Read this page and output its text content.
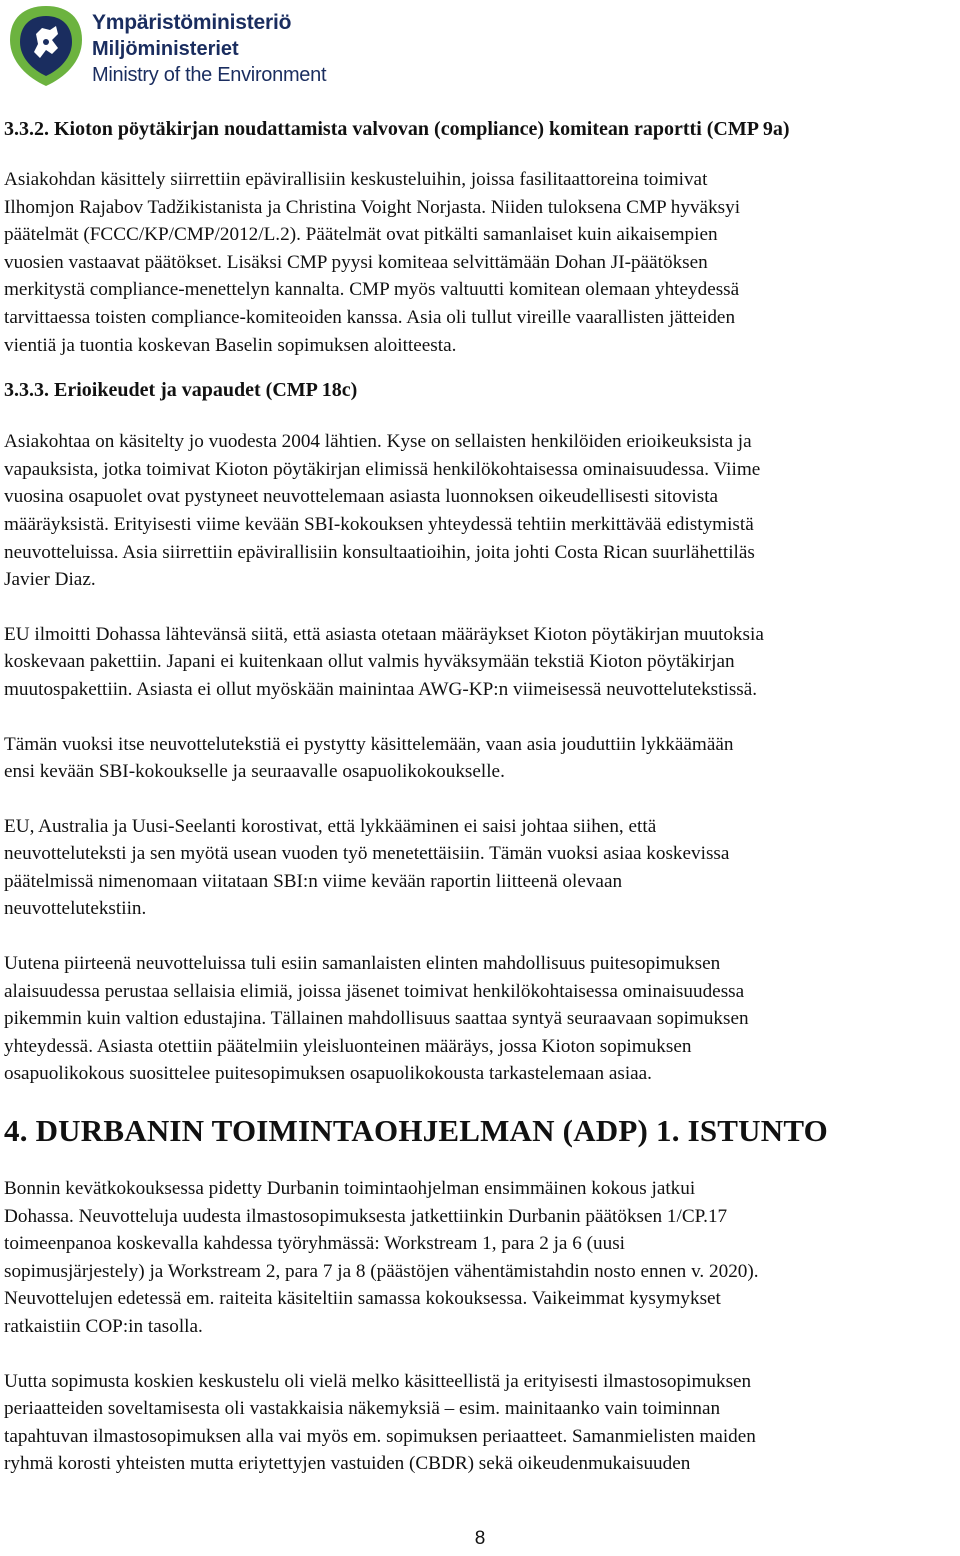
Ympäristöministeriö
Miljöministeriet
Ministry of the Environment
3.3.2. Kioton pöytäkirjan noudattamista valvovan (compliance) komitean raportti (CMP 9a)
Asiakohdan käsittely siirrettiin epävirallisiin keskusteluihin, joissa fasilitaattoreina toimivat
Ilhomjon Rajabov Tadžikistanista ja Christina Voight Norjasta. Niiden tuloksena CMP hyväksyi
päätelmät (FCCC/KP/CMP/2012/L.2). Päätelmät ovat pitkälti samanlaiset kuin aikaisempien
vuosien vastaavat päätökset. Lisäksi CMP pyysi komiteaa selvittämään Dohan JI-päätöksen
merkitystä compliance-menettelyn kannalta. CMP myös valtuutti komitean olemaan yhteydessä
tarvittaessa toisten compliance-komiteoiden kanssa. Asia oli tullut vireille vaarallisten jätteiden
vientiä ja tuontia koskevan Baselin sopimuksen aloitteesta.
3.3.3. Erioikeudet ja vapaudet (CMP 18c)
Asiakohtaa on käsitelty jo vuodesta 2004 lähtien. Kyse on sellaisten henkilöiden erioikeuksista ja
vapauksista, jotka toimivat Kioton pöytäkirjan elimissä henkilökohtaisessa ominaisuudessa. Viime
vuosina osapuolet ovat pystyneet neuvottelemaan asiasta luonnoksen oikeudellisesti sitovista
määräyksistä. Erityisesti viime kevään SBI-kokouksen yhteydessä tehtiin merkittävää edistymistä
neuvotteluissa. Asia siirrettiin epävirallisiin konsultaatioihin, joita johti Costa Rican suurlähettiläs
Javier Diaz.
EU ilmoitti Dohassa lähtevänsä siitä, että asiasta otetaan määräykset Kioton pöytäkirjan muutoksia
koskevaan pakettiin. Japani ei kuitenkaan ollut valmis hyväksymään tekstiä Kioton pöytäkirjan
muutospakettiin. Asiasta ei ollut myöskään mainintaa AWG-KP:n viimeisessä neuvottelutekstissä.
Tämän vuoksi itse neuvottelutekstiä ei pystytty käsittelemään, vaan asia jouduttiin lykkäämään
ensi kevään SBI-kokoukselle ja seuraavalle osapuolikokoukselle.
EU, Australia ja Uusi-Seelanti korostivat, että lykkääminen ei saisi johtaa siihen, että
neuvotteluteksti ja sen myötä usean vuoden työ menetettäisiin. Tämän vuoksi asiaa koskevissa
päätelmissä nimenomaan viitataan SBI:n viime kevään raportin liitteenä olevaan
neuvottelutekstiin.
Uutena piirteenä neuvotteluissa tuli esiin samanlaisten elinten mahdollisuus puitesopimuksen
alaisuudessa perustaa sellaisia elimiä, joissa jäsenet toimivat henkilökohtaisessa ominaisuudessa
pikemmin kuin valtion edustajina. Tällainen mahdollisuus saattaa syntyä seuraavaan sopimuksen
yhteydessä. Asiasta otettiin päätelmiin yleisluonteinen määräys, jossa Kioton sopimuksen
osapuolikokous suosittelee puitesopimuksen osapuolikokousta tarkastelemaan asiaa.
4. DURBANIN TOIMINTAOHJELMAN (ADP) 1. ISTUNTO
Bonnin kevätkokouksessa pidetty Durbanin toimintaohjelman ensimmäinen kokous jatkui
Dohassa. Neuvotteluja uudesta ilmastosopimuksesta jatkettiinkin Durbanin päätöksen 1/CP.17
toimeenpanoa koskevalla kahdessa työryhmässä: Workstream 1, para 2 ja 6 (uusi
sopimusjärjestely) ja Workstream 2, para 7 ja 8 (päästöjen vähentämistahdin nosto ennen v. 2020).
Neuvottelujen edetessä em. raiteita käsiteltiin samassa kokouksessa. Vaikeimmat kysymykset
ratkaistiin COP:in tasolla.
Uutta sopimusta koskien keskustelu oli vielä melko käsitteellistä ja erityisesti ilmastosopimuksen
periaatteiden soveltamisesta oli vastakkaisia näkemyksiä – esim. mainitaanko vain toiminnan
tapahtuvan ilmastosopimuksen alla vai myös em. sopimuksen periaatteet. Samanmielisten maiden
ryhmä korosti yhteisten mutta eriytettyjen vastuiden (CBDR) sekä oikeudenmukaisuuden
8
